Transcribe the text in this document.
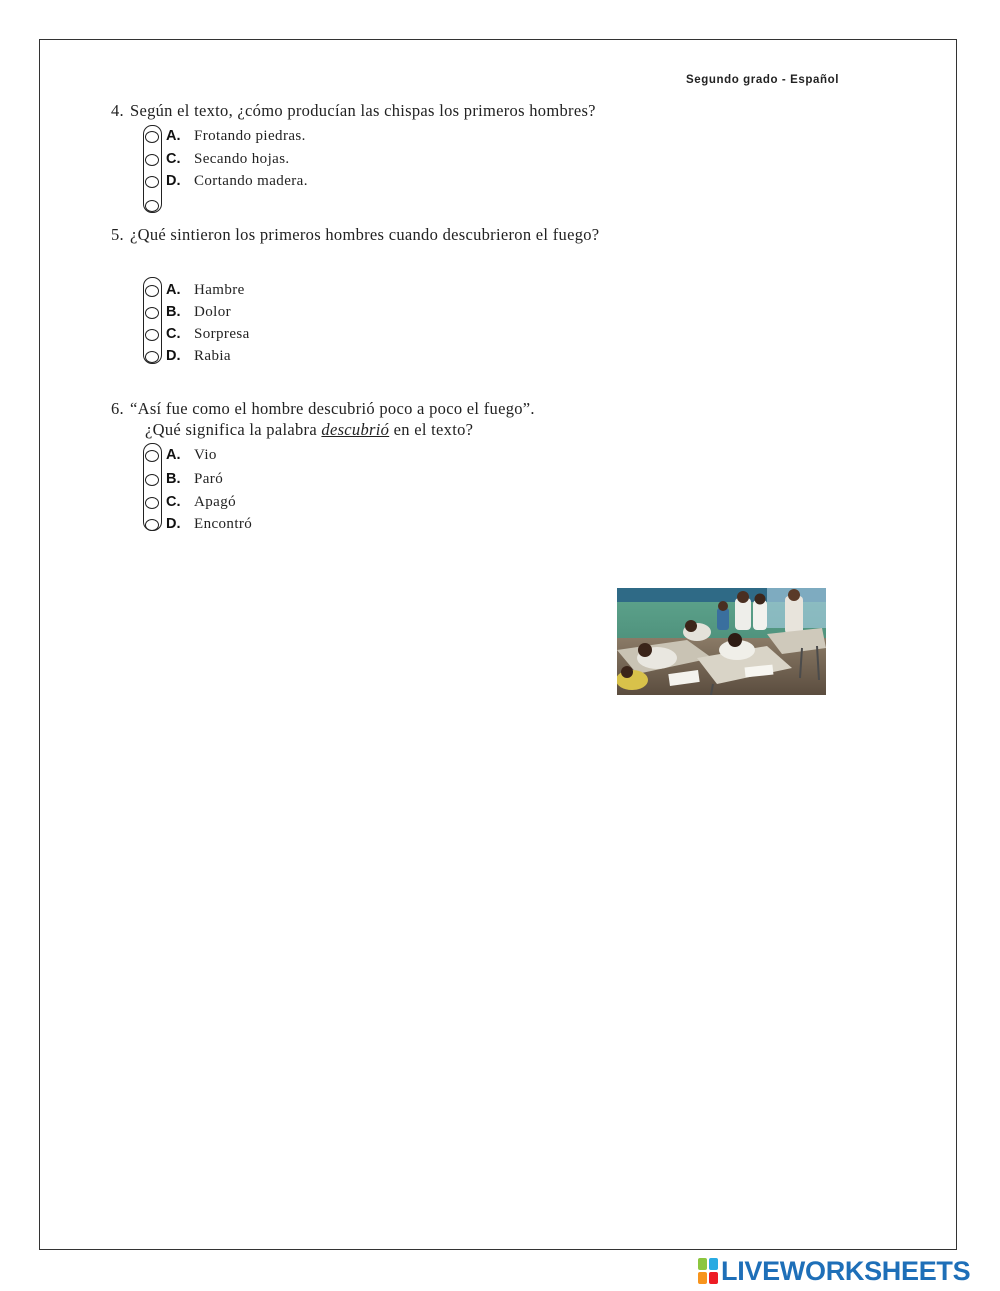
Segundo grado - Español
4. Según el texto, ¿cómo producían las chispas los primeros hombres?
A. Frotando piedras.
C. Secando hojas.
D. Cortando madera.
5. ¿Qué sintieron los primeros hombres cuando descubrieron el fuego?
A. Hambre
B. Dolor
C. Sorpresa
D. Rabia
6. “Así fue como el hombre descubrió poco a poco el fuego”.
¿Qué significa la palabra descubrió en el texto?
A. Vio
B. Paró
C. Apagó
D. Encontró
LIVEWORKSHEETS
